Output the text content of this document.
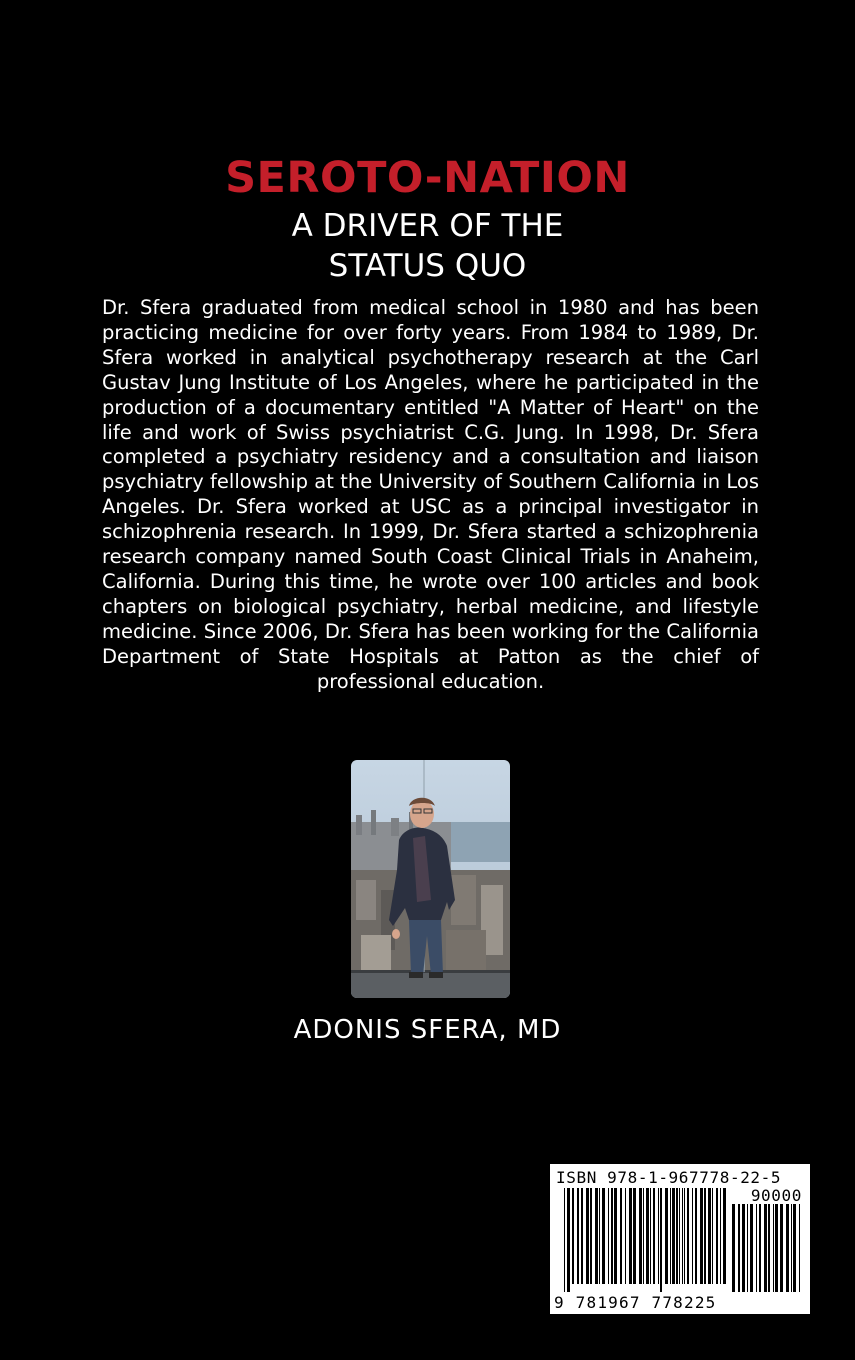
SEROTO-NATION
A DRIVER OF THE
STATUS QUO

Dr. Sfera graduated from medical school in 1980 and has been practicing medicine for over forty years. From 1984 to 1989, Dr. Sfera worked in analytical psychotherapy research at the Carl Gustav Jung Institute of Los Angeles, where he participated in the production of a documentary entitled "A Matter of Heart" on the life and work of Swiss psychiatrist C.G. Jung. In 1998, Dr. Sfera completed a psychiatry residency and a consultation and liaison psychiatry fellowship at the University of Southern California in Los Angeles. Dr. Sfera worked at USC as a principal investigator in schizophrenia research. In 1999, Dr. Sfera started a schizophrenia research company named South Coast Clinical Trials in Anaheim, California. During this time, he wrote over 100 articles and book chapters on biological psychiatry, herbal medicine, and lifestyle medicine. Since 2006, Dr. Sfera has been working for the California Department of State Hospitals at Patton as the chief of professional education.

ADONIS SFERA, MD
ISBN 978-1-967778-22-5
90000
9 781967 778225
